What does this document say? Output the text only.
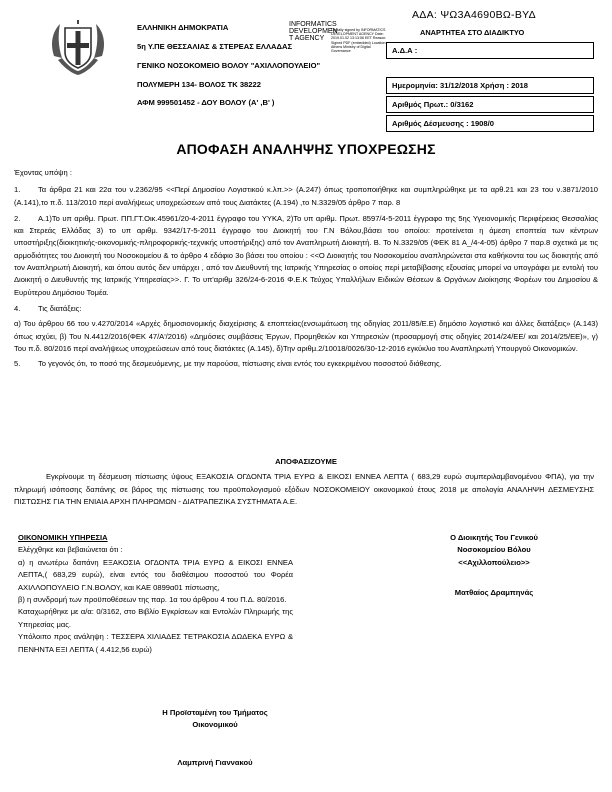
ΑΔΑ: ΨΩ3Α4690ΒΩ-ΒΥΔ
ΕΛΛΗΝΙΚΗ ΔΗΜΟΚΡΑΤΙΑ
5η Υ.ΠΕ ΘΕΣΣΑΛΙΑΣ & ΣΤΕΡΕΑΣ ΕΛΛΑΔΑΣ
ΓΕΝΙΚΟ ΝΟΣΟΚΟΜΕΙΟ ΒΟΛΟΥ "ΑΧΙΛΛΟΠΟΥΛΕΙΟ"
ΠΟΛΥΜΕΡΗ 134- ΒΟΛΟΣ ΤΚ 38222
ΑΦΜ 999501452 - ΔΟΥ ΒΟΛΟΥ (Α' ,Β' )
INFORMATICS
DEVELOPMEN
T AGENCY
Digitally signed by INFORMATICS DEVELOPMENT AGENCY Date: 2019.01.02 13:13:56 EET Reason: Signed PDF (embedded) Location: Athens Ministry of Digital Governance
ΑΝΑΡΤΗΤΕΑ ΣΤΟ ΔΙΑΔΙΚΤΥΟ
Α.Δ.Α :
Ημερομηνία: 31/12/2018 Χρήση : 2018
Αριθμός Πρωτ.: 0/3162
Αριθμός Δέσμευσης : 1908/0
ΑΠΟΦΑΣΗ ΑΝΑΛΗΨΗΣ ΥΠΟΧΡΕΩΣΗΣ

Έχοντας υπόψη :

1. Τα άρθρα 21 και 22α του ν.2362/95 <<Περί Δημοσίου Λογιστικού κ.λπ.>> (Α.247) όπως τροποποιήθηκε και συμπληρώθηκε με τα αρθ.21 και 23 του ν.3871/2010 (Α.141),το π.δ. 113/2010 περί αναλήψεως υποχρεώσεων από τους Διατάκτες (Α.194) ,το Ν.3329/05 άρθρο 7 παρ. 8

2. Α.1)Το υπ αριθμ. Πρωτ. ΠΠ.ΓΤ.Οικ.45961/20-4-2011 έγγραφο του ΥΥΚΑ, 2)Το υπ αριθμ. Πρωτ. 8597/4-5-2011 έγγραφο της 5ης Υγειονομικής Περιφέρειας Θεσσαλίας και Στερεάς Ελλάδας 3) το υπ αριθμ. 9342/17-5-2011 έγγραφο του Διοικητή του Γ.Ν Βόλου,βάσει του οποίου: προτείνεται η άμεση εποπτεία των κέντρων υποστήριξης(διοικητικής-οικονομικής-πληροφορικής-τεχνικής υποστήριξης) από τον Αναπληρωτή Διοικητή. Β. Το Ν.3329/05 (ΦΕΚ 81 Α_/4-4-05) άρθρο 7 παρ.8 σχετικά με τις αρμοδιότητες του Διοικητή του Νοσοκομείου & το άρθρο 4 εδάφιο 3ο βάσει του οποίου : <<Ο Διοικητής του Νοσοκομείου αναπληρώνεται στα καθήκοντα του ως διοικητής από τον Αναπληρωτή Διοικητή, και όπου αυτός δεν υπάρχει , από τον Διευθυντή της Ιατρικής Υπηρεσίας ο οποίος περί μεταβίβασης εξουσίας μπορεί να υπογράφει με εντολή του Διοικητή ο Διευθυντής της Ιατρικής Υπηρεσίας>>. Γ. Το υπ'αριθμ 326/24-6-2016 Φ.Ε.Κ Τεύχος Υπαλλήλων Ειδικών Θέσεων & Οργάνων Διοίκησης Φορέων του Δημοσίου & Ευρύτερου Δημόσιου Τομέα.

4. Τις διατάξεις:

α) Του άρθρου 66 του ν.4270/2014 «Αρχές δημοσιονομικής διαχείρισης & εποπτείας(ενσωμάτωση της οδηγίας 2011/85/Ε.Ε) δημόσιο λογιστικό και άλλες διατάξεις» (Α.143) όπως ισχύει, β) Του Ν.4412/2016(ΦΕΚ 47/Α'/2016) «Δημόσιες συμβάσεις Έργων, Προμηθειών και Υπηρεσιών (προσαρμογή στις οδηγίες 2014/24/ΕΕ/ και 2014/25/ΕΕ)», γ) Του π.δ. 80/2016 περί αναλήψεως υποχρεώσεων από τους διατάκτες (Α.145), δ)Την αριθμ.2/10018/0026/30-12-2016 εγκύκλιο του Αναπληρωτή Υπουργού Οικονομικών.

5. Το γεγονός ότι, το ποσό της δεσμευόμενης, με την παρούσα, πίστωσης είναι εντός του εγκεκριμένου ποσοστού διάθεσης.

ΑΠΟΦΑΣΙΖΟΥΜΕ
Εγκρίνουμε τη δέσμευση πίστωσης ύψους ΕΞΑΚΟΣΙΑ ΟΓΔΟΝΤΑ ΤΡΙΑ ΕΥΡΩ & ΕΙΚΟΣΙ ΕΝΝΕΑ ΛΕΠΤΑ ( 683,29 ευρώ συμπεριλαμβανομένου ΦΠΑ), για την πληρωμή ισόποσης δαπάνης σε βάρος της πίστωσης του προϋπολογισμού εξόδων ΝΟΣΟΚΟΜΕΙΟΥ οικονομικού έτους 2018 με απολογία ΑΝΑΛΗΨΗ ΔΕΣΜΕΥΣΗΣ ΠΙΣΤΩΣΗΣ ΓΙΑ ΤΗΝ ΕΝΙΑΙΑ ΑΡΧΗ ΠΛΗΡΩΜΩΝ - ΔΙΑΤΡΑΠΕΖΙΚΑ ΣΥΣΤΗΜΑΤΑ Α.Ε.

ΟΙΚΟΝΟΜΙΚΗ ΥΠΗΡΕΣΙΑ

Ελέγχθηκε και βεβαιώνεται ότι :

α) η ανωτέρω δαπάνη ΕΞΑΚΟΣΙΑ ΟΓΔΟΝΤΑ ΤΡΙΑ ΕΥΡΩ & ΕΙΚΟΣΙ ΕΝΝΕΑ ΛΕΠΤΑ,( 683,29 ευρώ), είναι εντός του διαθέσιμου ποσοστού του Φορέα ΑΧΙΛΛΟΠΟΥΛΕΙΟ Γ.Ν.ΒΟΛΟΥ, και ΚΑΕ 0899α01 πίστωσης,

β) η συνδρομή των προϋποθέσεων της παρ. 1α του άρθρου 4 του Π.Δ. 80/2016.

Καταχωρήθηκε με α/α: 0/3162, στο Βιβλίο Εγκρίσεων και Εντολών Πληρωμής της Υπηρεσίας μας.

Υπόλοιπο προς ανάληψη : ΤΕΣΣΕΡΑ ΧΙΛΙΑΔΕΣ ΤΕΤΡΑΚΟΣΙΑ ΔΩΔΕΚΑ ΕΥΡΩ & ΠΕΝΗΝΤΑ ΕΞΙ ΛΕΠΤΑ ( 4.412,56 ευρώ)

Ο Διοικητής Του Γενικού
Νοσοκομείου Βόλου
<<Αχιλλοπούλειο>>
Ματθαίος Δραμπηνάς
Η Προϊσταμένη του Τμήματος
Οικονομικού
Λαμπρινή Γιαννακού
